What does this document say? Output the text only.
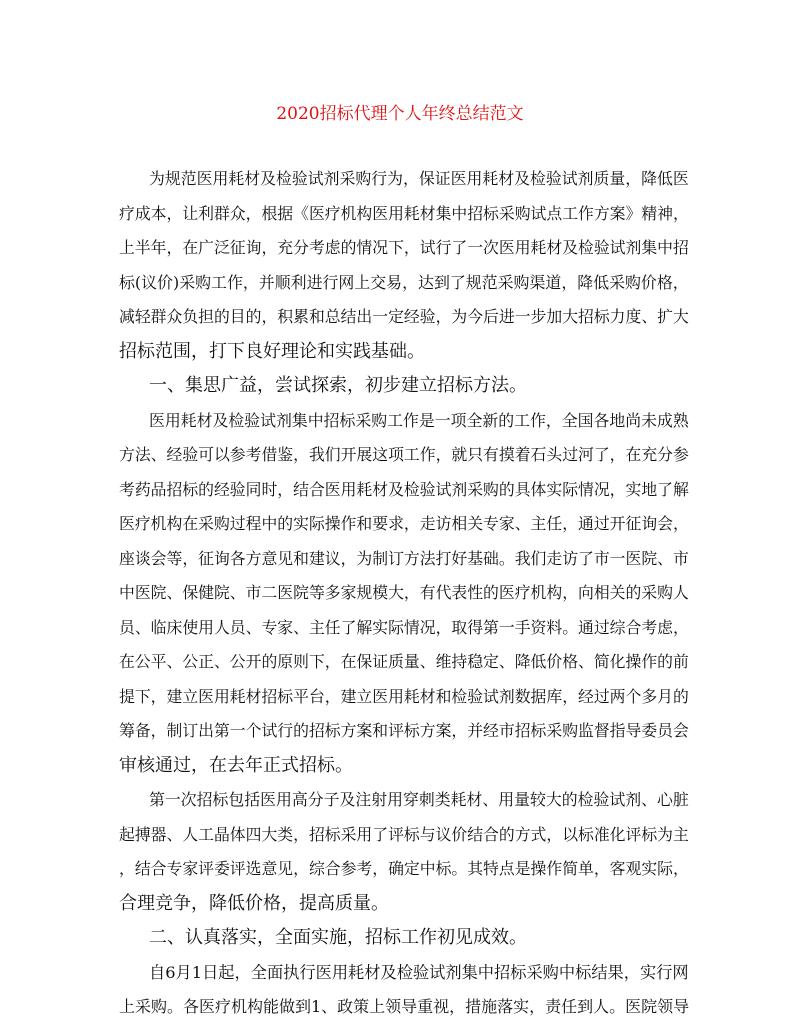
2020招标代理个人年终总结范文
为规范医用耗材及检验试剂采购行为，保证医用耗材及检验试剂质量，降低医
疗成本，让利群众，根据《医疗机构医用耗材集中招标采购试点工作方案》精神，
上半年，在广泛征询，充分考虑的情况下，试行了一次医用耗材及检验试剂集中招
标(议价)采购工作，并顺利进行网上交易，达到了规范采购渠道，降低采购价格，
减轻群众负担的目的，积累和总结出一定经验，为今后进一步加大招标力度、扩大
招标范围，打下良好理论和实践基础。
一、集思广益，尝试探索，初步建立招标方法。
医用耗材及检验试剂集中招标采购工作是一项全新的工作，全国各地尚未成熟
方法、经验可以参考借鉴，我们开展这项工作，就只有摸着石头过河了，在充分参
考药品招标的经验同时，结合医用耗材及检验试剂采购的具体实际情况，实地了解
医疗机构在采购过程中的实际操作和要求，走访相关专家、主任，通过开征询会，
座谈会等，征询各方意见和建议，为制订方法打好基础。我们走访了市一医院、市
中医院、保健院、市二医院等多家规模大，有代表性的医疗机构，向相关的采购人
员、临床使用人员、专家、主任了解实际情况，取得第一手资料。通过综合考虑，
在公平、公正、公开的原则下，在保证质量、维持稳定、降低价格、简化操作的前
提下，建立医用耗材招标平台，建立医用耗材和检验试剂数据库，经过两个多月的
筹备，制订出第一个试行的招标方案和评标方案，并经市招标采购监督指导委员会
审核通过，在去年正式招标。
第一次招标包括医用高分子及注射用穿刺类耗材、用量较大的检验试剂、心脏
起搏器、人工晶体四大类，招标采用了评标与议价结合的方式，以标准化评标为主
，结合专家评委评选意见，综合参考，确定中标。其特点是操作简单，客观实际，
合理竞争，降低价格，提高质量。
二、认真落实，全面实施，招标工作初见成效。
自6月1日起，全面执行医用耗材及检验试剂集中招标采购中标结果，实行网
上采购。各医疗机构能做到1、政策上领导重视，措施落实，责任到人。医院领导
